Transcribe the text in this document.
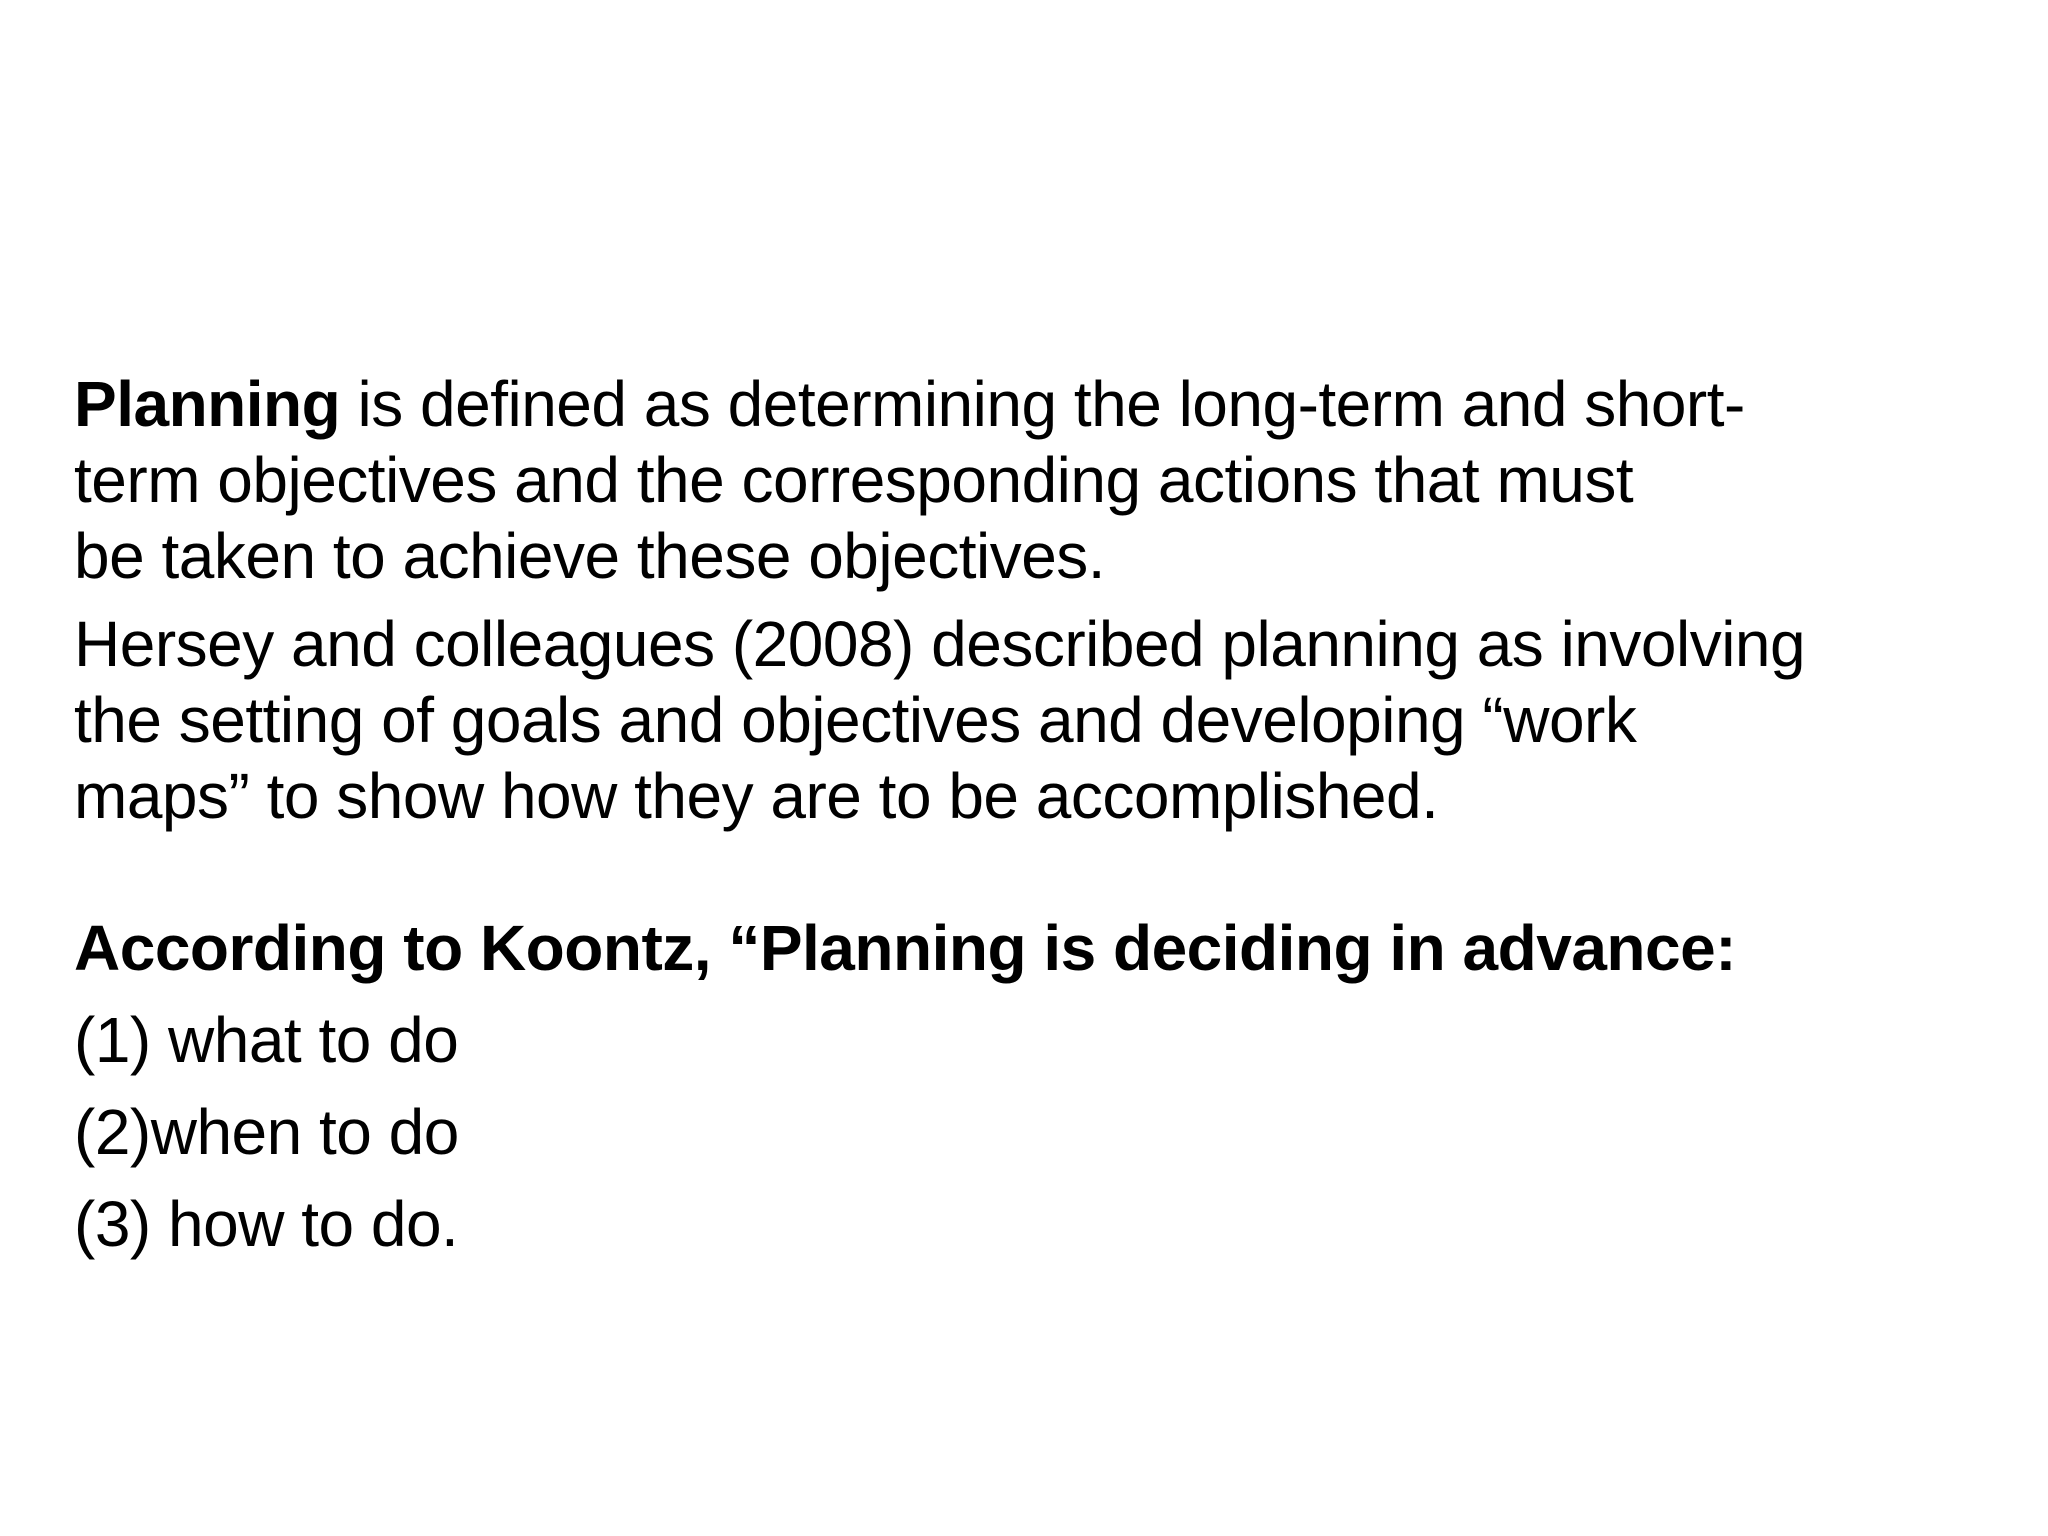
Planning is defined as determining the long-term and short-
term objectives and the corresponding actions that must
be taken to achieve these objectives.

Hersey and colleagues (2008) described planning as involving
the setting of goals and objectives and developing “work
maps” to show how they are to be accomplished.

According to Koontz, “Planning is deciding in advance:
(1) what to do
(2)when to do
(3) how to do.
